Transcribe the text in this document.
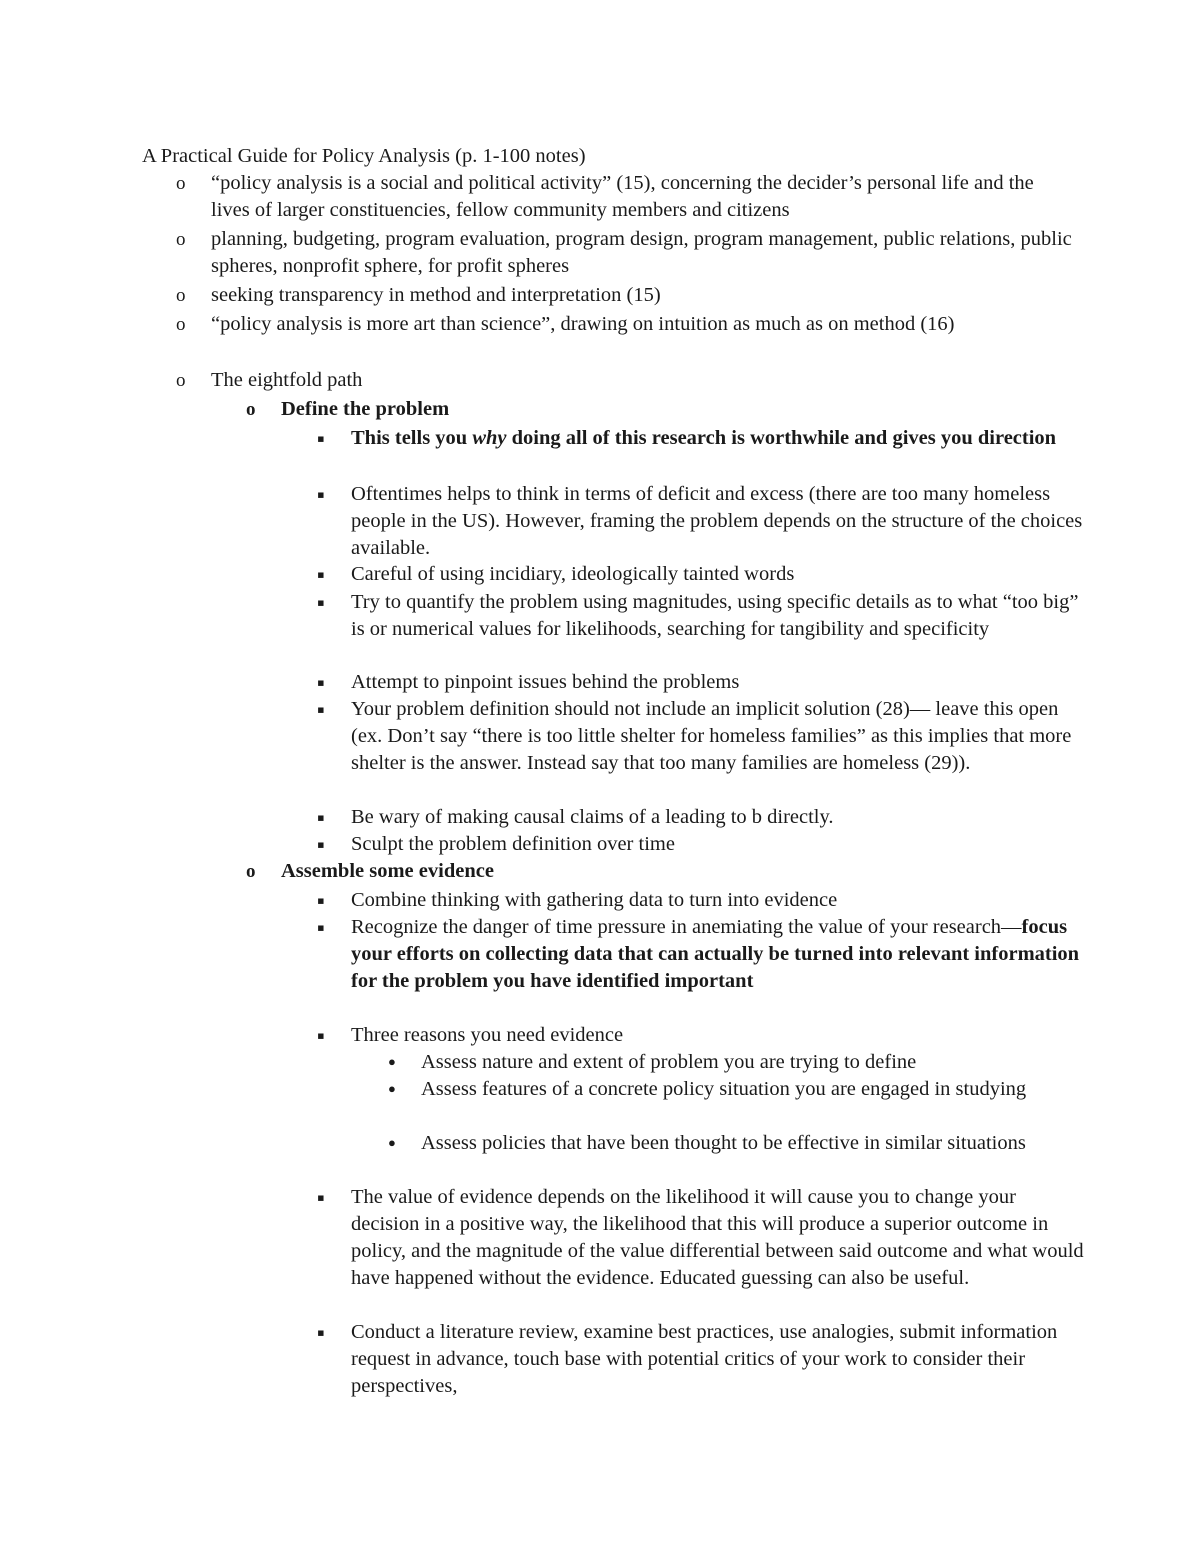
A Practical Guide for Policy Analysis (p. 1-100 notes)
o
“policy analysis is a social and political activity” (15), concerning the decider’s personal life and the lives of larger constituencies, fellow community members and citizens
o
planning, budgeting, program evaluation, program design, program management, public relations, public spheres, nonprofit sphere, for profit spheres
o
seeking transparency in method and interpretation (15)
o
“policy analysis is more art than science”, drawing on intuition as much as on method (16)
o
The eightfold path
o
Define the problem
▪
This tells you why doing all of this research is worthwhile and gives you direction
▪
Oftentimes helps to think in terms of deficit and excess (there are too many homeless people in the US). However, framing the problem depends on the structure of the choices available.
▪
Careful of using incidiary, ideologically tainted words
▪
Try to quantify the problem using magnitudes, using specific details as to what “too big” is or numerical values for likelihoods, searching for tangibility and specificity
▪
Attempt to pinpoint issues behind the problems
▪
Your problem definition should not include an implicit solution (28)— leave this open (ex. Don’t say “there is too little shelter for homeless families” as this implies that more shelter is the answer. Instead say that too many families are homeless (29)).
▪
Be wary of making causal claims of a leading to b directly.
▪
Sculpt the problem definition over time
o
Assemble some evidence
▪
Combine thinking with gathering data to turn into evidence
▪
Recognize the danger of time pressure in anemiating the value of your research—focus your efforts on collecting data that can actually be turned into relevant information for the problem you have identified important
▪
Three reasons you need evidence
●
Assess nature and extent of problem you are trying to define
●
Assess features of a concrete policy situation you are engaged in studying
●
Assess policies that have been thought to be effective in similar situations
▪
The value of evidence depends on the likelihood it will cause you to change your decision in a positive way, the likelihood that this will produce a superior outcome in policy, and the magnitude of the value differential between said outcome and what would have happened without the evidence. Educated guessing can also be useful.
▪
Conduct a literature review, examine best practices, use analogies, submit information request in advance, touch base with potential critics of your work to consider their perspectives,
